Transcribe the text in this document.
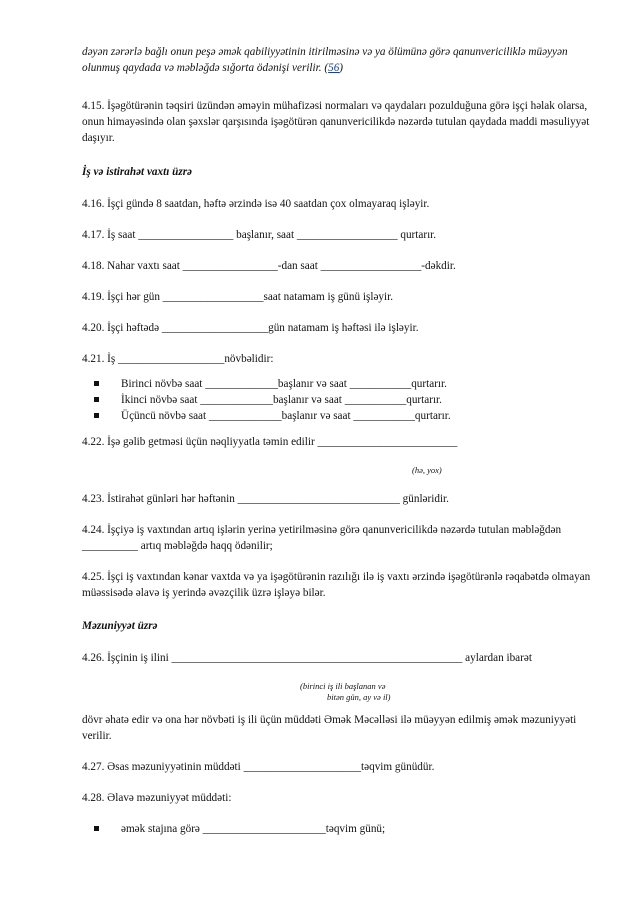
dəyən zərərlə bağlı onun peşə əmək qabiliyyətinin itirilməsinə və ya ölümünə görə qanunvericiliklə müəyyən olunmuş qaydada və məbləğdə sığorta ödənişi verilir. (56)

4.15. İşəgötürənin təqsiri üzündən əməyin mühafizəsi normaları və qaydaları pozulduğuna görə işçi həlak olarsa, onun himayəsində olan şəxslər qarşısında işəgötürən qanunvericilikdə nəzərdə tutulan qaydada maddi məsuliyyət daşıyır.

İş və istirahət vaxtı üzrə

4.16. İşçi gündə 8 saatdan, həftə ərzində isə 40 saatdan çox olmayaraq işləyir.

4.17. İş saat _________________ başlanır, saat __________________ qurtarır.

4.18. Nahar vaxtı saat _________________-dan saat __________________-dəkdir.

4.19. İşçi hər gün __________________saat natamam iş günü işləyir.

4.20. İşçi həftədə ___________________gün natamam iş həftəsi ilə işləyir.

4.21. İş ___________________növbəlidir:

Birinci növbə saat _____________başlanır və saat ___________qurtarır.
İkinci növbə saat _____________başlanır və saat ___________qurtarır.
Üçüncü növbə saat _____________başlanır və saat ___________qurtarır.

4.22. İşə gəlib getməsi üçün nəqliyyatla təmin edilir _________________________

(hə, yox)

4.23. İstirahət günləri hər həftənin _____________________________ günləridir.

4.24. İşçiyə iş vaxtından artıq işlərin yerinə yetirilməsinə görə qanunvericilikdə nəzərdə tutulan məbləğdən __________ artıq məbləğdə haqq ödənilir;

4.25. İşçi iş vaxtından kənar vaxtda və ya işəgötürənin razılığı ilə iş vaxtı ərzində işəgötürənlə rəqabətdə olmayan müəssisədə əlavə iş yerində əvəzçilik üzrə işləyə bilər.

Məzuniyyət üzrə

4.26. İşçinin iş ilini ____________________________________________________ aylardan ibarət

(birinci iş ili başlanan və

bitən gün, ay və il)

dövr əhatə edir və ona hər növbəti iş ili üçün müddəti Əmək Məcəlləsi ilə müəyyən edilmiş əmək məzuniyyəti verilir.

4.27. Əsas məzuniyyətinin müddəti _____________________təqvim günüdür.

4.28. Əlavə məzuniyyət müddəti:

əmək stajına görə ______________________təqvim günü;
